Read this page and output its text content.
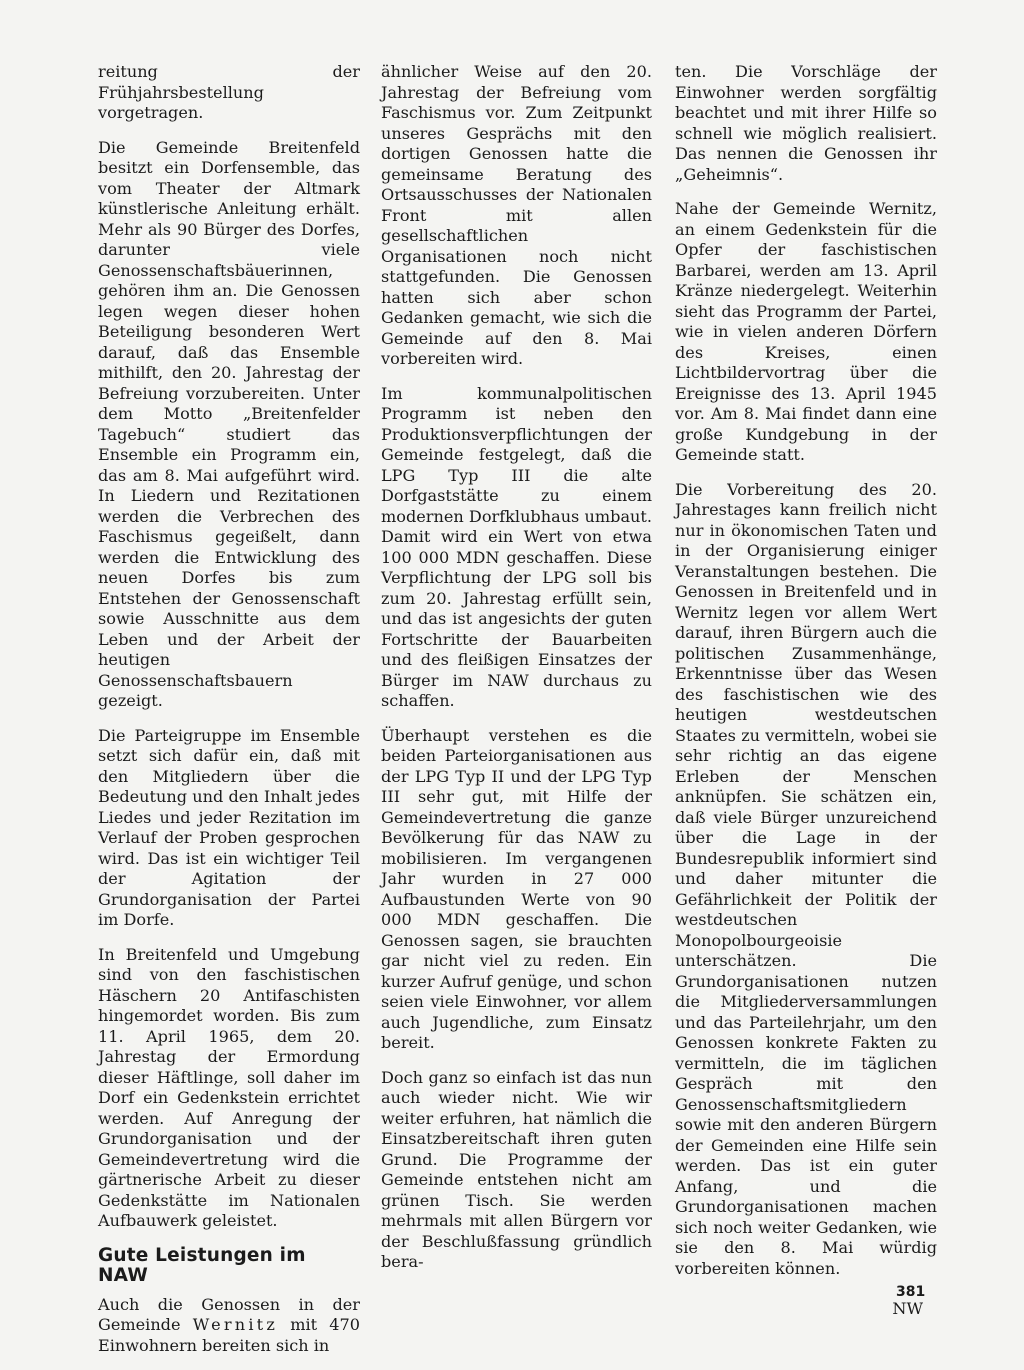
reitung der Frühjahrsbestellung vorgetragen.

Die Gemeinde Breitenfeld besitzt ein Dorfensemble, das vom Theater der Altmark künstlerische Anleitung erhält. Mehr als 90 Bürger des Dorfes, darunter viele Genossenschaftsbäuerinnen, gehören ihm an. Die Genossen legen wegen dieser hohen Beteiligung besonderen Wert darauf, daß das Ensemble mithilft, den 20. Jahrestag der Befreiung vorzubereiten. Unter dem Motto „Breitenfelder Tagebuch“ studiert das Ensemble ein Programm ein, das am 8. Mai aufgeführt wird. In Liedern und Rezitationen werden die Verbrechen des Faschismus gegeißelt, dann werden die Entwicklung des neuen Dorfes bis zum Entstehen der Genossenschaft sowie Ausschnitte aus dem Leben und der Arbeit der heutigen Genossenschaftsbauern gezeigt.

Die Parteigruppe im Ensemble setzt sich dafür ein, daß mit den Mitgliedern über die Bedeutung und den Inhalt jedes Liedes und jeder Rezitation im Verlauf der Proben gesprochen wird. Das ist ein wichtiger Teil der Agitation der Grundorganisation der Partei im Dorfe.

In Breitenfeld und Umgebung sind von den faschistischen Häschern 20 Antifaschisten hingemordet worden. Bis zum 11. April 1965, dem 20. Jahrestag der Ermordung dieser Häftlinge, soll daher im Dorf ein Gedenkstein errichtet werden. Auf Anregung der Grundorganisation und der Gemeindevertretung wird die gärtnerische Arbeit zu dieser Gedenkstätte im Nationalen Aufbauwerk geleistet.

Gute Leistungen im NAW

Auch die Genossen in der Gemeinde Wernitz mit 470 Einwohnern bereiten sich in

ähnlicher Weise auf den 20. Jahrestag der Befreiung vom Faschismus vor. Zum Zeitpunkt unseres Gesprächs mit den dortigen Genossen hatte die gemeinsame Beratung des Ortsausschusses der Nationalen Front mit allen gesellschaftlichen Organisationen noch nicht stattgefunden. Die Genossen hatten sich aber schon Gedanken gemacht, wie sich die Gemeinde auf den 8. Mai vorbereiten wird.

Im kommunalpolitischen Programm ist neben den Produktionsverpflichtungen der Gemeinde festgelegt, daß die LPG Typ III die alte Dorfgaststätte zu einem modernen Dorfklubhaus umbaut. Damit wird ein Wert von etwa 100 000 MDN geschaffen. Diese Verpflichtung der LPG soll bis zum 20. Jahrestag erfüllt sein, und das ist angesichts der guten Fortschritte der Bauarbeiten und des fleißigen Einsatzes der Bürger im NAW durchaus zu schaffen.

Überhaupt verstehen es die beiden Parteiorganisationen aus der LPG Typ II und der LPG Typ III sehr gut, mit Hilfe der Gemeindevertretung die ganze Bevölkerung für das NAW zu mobilisieren. Im vergangenen Jahr wurden in 27 000 Aufbaustunden Werte von 90 000 MDN geschaffen. Die Genossen sagen, sie brauchten gar nicht viel zu reden. Ein kurzer Aufruf genüge, und schon seien viele Einwohner, vor allem auch Jugendliche, zum Einsatz bereit.

Doch ganz so einfach ist das nun auch wieder nicht. Wie wir weiter erfuhren, hat nämlich die Einsatzbereitschaft ihren guten Grund. Die Programme der Gemeinde entstehen nicht am grünen Tisch. Sie werden mehrmals mit allen Bürgern vor der Beschlußfassung gründlich bera-

ten. Die Vorschläge der Einwohner werden sorgfältig beachtet und mit ihrer Hilfe so schnell wie möglich realisiert. Das nennen die Genossen ihr „Geheimnis“.

Nahe der Gemeinde Wernitz, an einem Gedenkstein für die Opfer der faschistischen Barbarei, werden am 13. April Kränze niedergelegt. Weiterhin sieht das Programm der Partei, wie in vielen anderen Dörfern des Kreises, einen Lichtbildervortrag über die Ereignisse des 13. April 1945 vor. Am 8. Mai findet dann eine große Kundgebung in der Gemeinde statt.

Die Vorbereitung des 20. Jahrestages kann freilich nicht nur in ökonomischen Taten und in der Organisierung einiger Veranstaltungen bestehen. Die Genossen in Breitenfeld und in Wernitz legen vor allem Wert darauf, ihren Bürgern auch die politischen Zusammenhänge, Erkenntnisse über das Wesen des faschistischen wie des heutigen westdeutschen Staates zu vermitteln, wobei sie sehr richtig an das eigene Erleben der Menschen anknüpfen. Sie schätzen ein, daß viele Bürger unzureichend über die Lage in der Bundesrepublik informiert sind und daher mitunter die Gefährlichkeit der Politik der westdeutschen Monopolbourgeoisie unterschätzen. Die Grundorganisationen nutzen die Mitgliederversammlungen und das Parteilehrjahr, um den Genossen konkrete Fakten zu vermitteln, die im täglichen Gespräch mit den Genossenschaftsmitgliedern sowie mit den anderen Bürgern der Gemeinden eine Hilfe sein werden. Das ist ein guter Anfang, und die Grundorganisationen machen sich noch weiter Gedanken, wie sie den 8. Mai würdig vorbereiten können.

NW

381
